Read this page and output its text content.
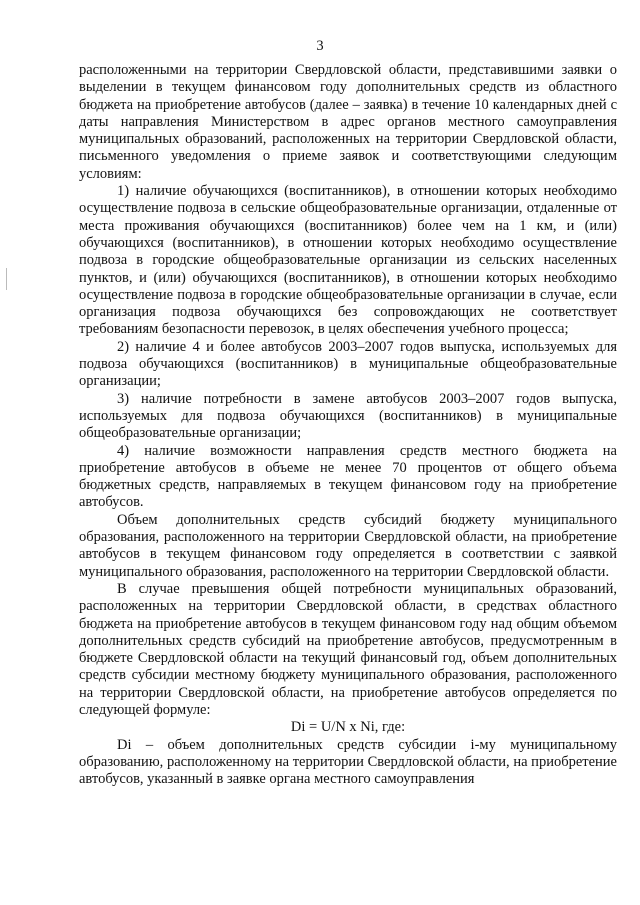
3

расположенными на территории Свердловской области, представившими заявки о выделении в текущем финансовом году дополнительных средств из областного бюджета на приобретение автобусов (далее – заявка) в течение 10 календарных дней с даты направления Министерством в адрес органов местного самоуправления муниципальных образований, расположенных на территории Свердловской области, письменного уведомления о приеме заявок и соответствующими следующим условиям:

1) наличие обучающихся (воспитанников), в отношении которых необходимо осуществление подвоза в сельские общеобразовательные организации, отдаленные от места проживания обучающихся (воспитанников) более чем на 1 км, и (или) обучающихся (воспитанников), в отношении которых необходимо осуществление подвоза в городские общеобразовательные организации из сельских населенных пунктов, и (или) обучающихся (воспитанников), в отношении которых необходимо осуществление подвоза в городские общеобразовательные организации в случае, если организация подвоза обучающихся без сопровождающих не соответствует требованиям безопасности перевозок, в целях обеспечения учебного процесса;

2) наличие 4 и более автобусов 2003–2007 годов выпуска, используемых для подвоза обучающихся (воспитанников) в муниципальные общеобразовательные организации;

3) наличие потребности в замене автобусов 2003–2007 годов выпуска, используемых для подвоза обучающихся (воспитанников) в муниципальные общеобразовательные организации;

4) наличие возможности направления средств местного бюджета на приобретение автобусов в объеме не менее 70 процентов от общего объема бюджетных средств, направляемых в текущем финансовом году на приобретение автобусов.

Объем дополнительных средств субсидий бюджету муниципального образования, расположенного на территории Свердловской области, на приобретение автобусов в текущем финансовом году определяется в соответствии с заявкой муниципального образования, расположенного на территории Свердловской области.

В случае превышения общей потребности муниципальных образований, расположенных на территории Свердловской области, в средствах областного бюджета на приобретение автобусов в текущем финансовом году над общим объемом дополнительных средств субсидий на приобретение автобусов, предусмотренным в бюджете Свердловской области на текущий финансовый год, объем дополнительных средств субсидии местному бюджету муниципального образования, расположенного на территории Свердловской области, на приобретение автобусов определяется по следующей формуле:

Di = U/N x Ni, где:

Di – объем дополнительных средств субсидии i-му муниципальному образованию, расположенному на территории Свердловской области, на приобретение автобусов, указанный в заявке органа местного самоуправления
